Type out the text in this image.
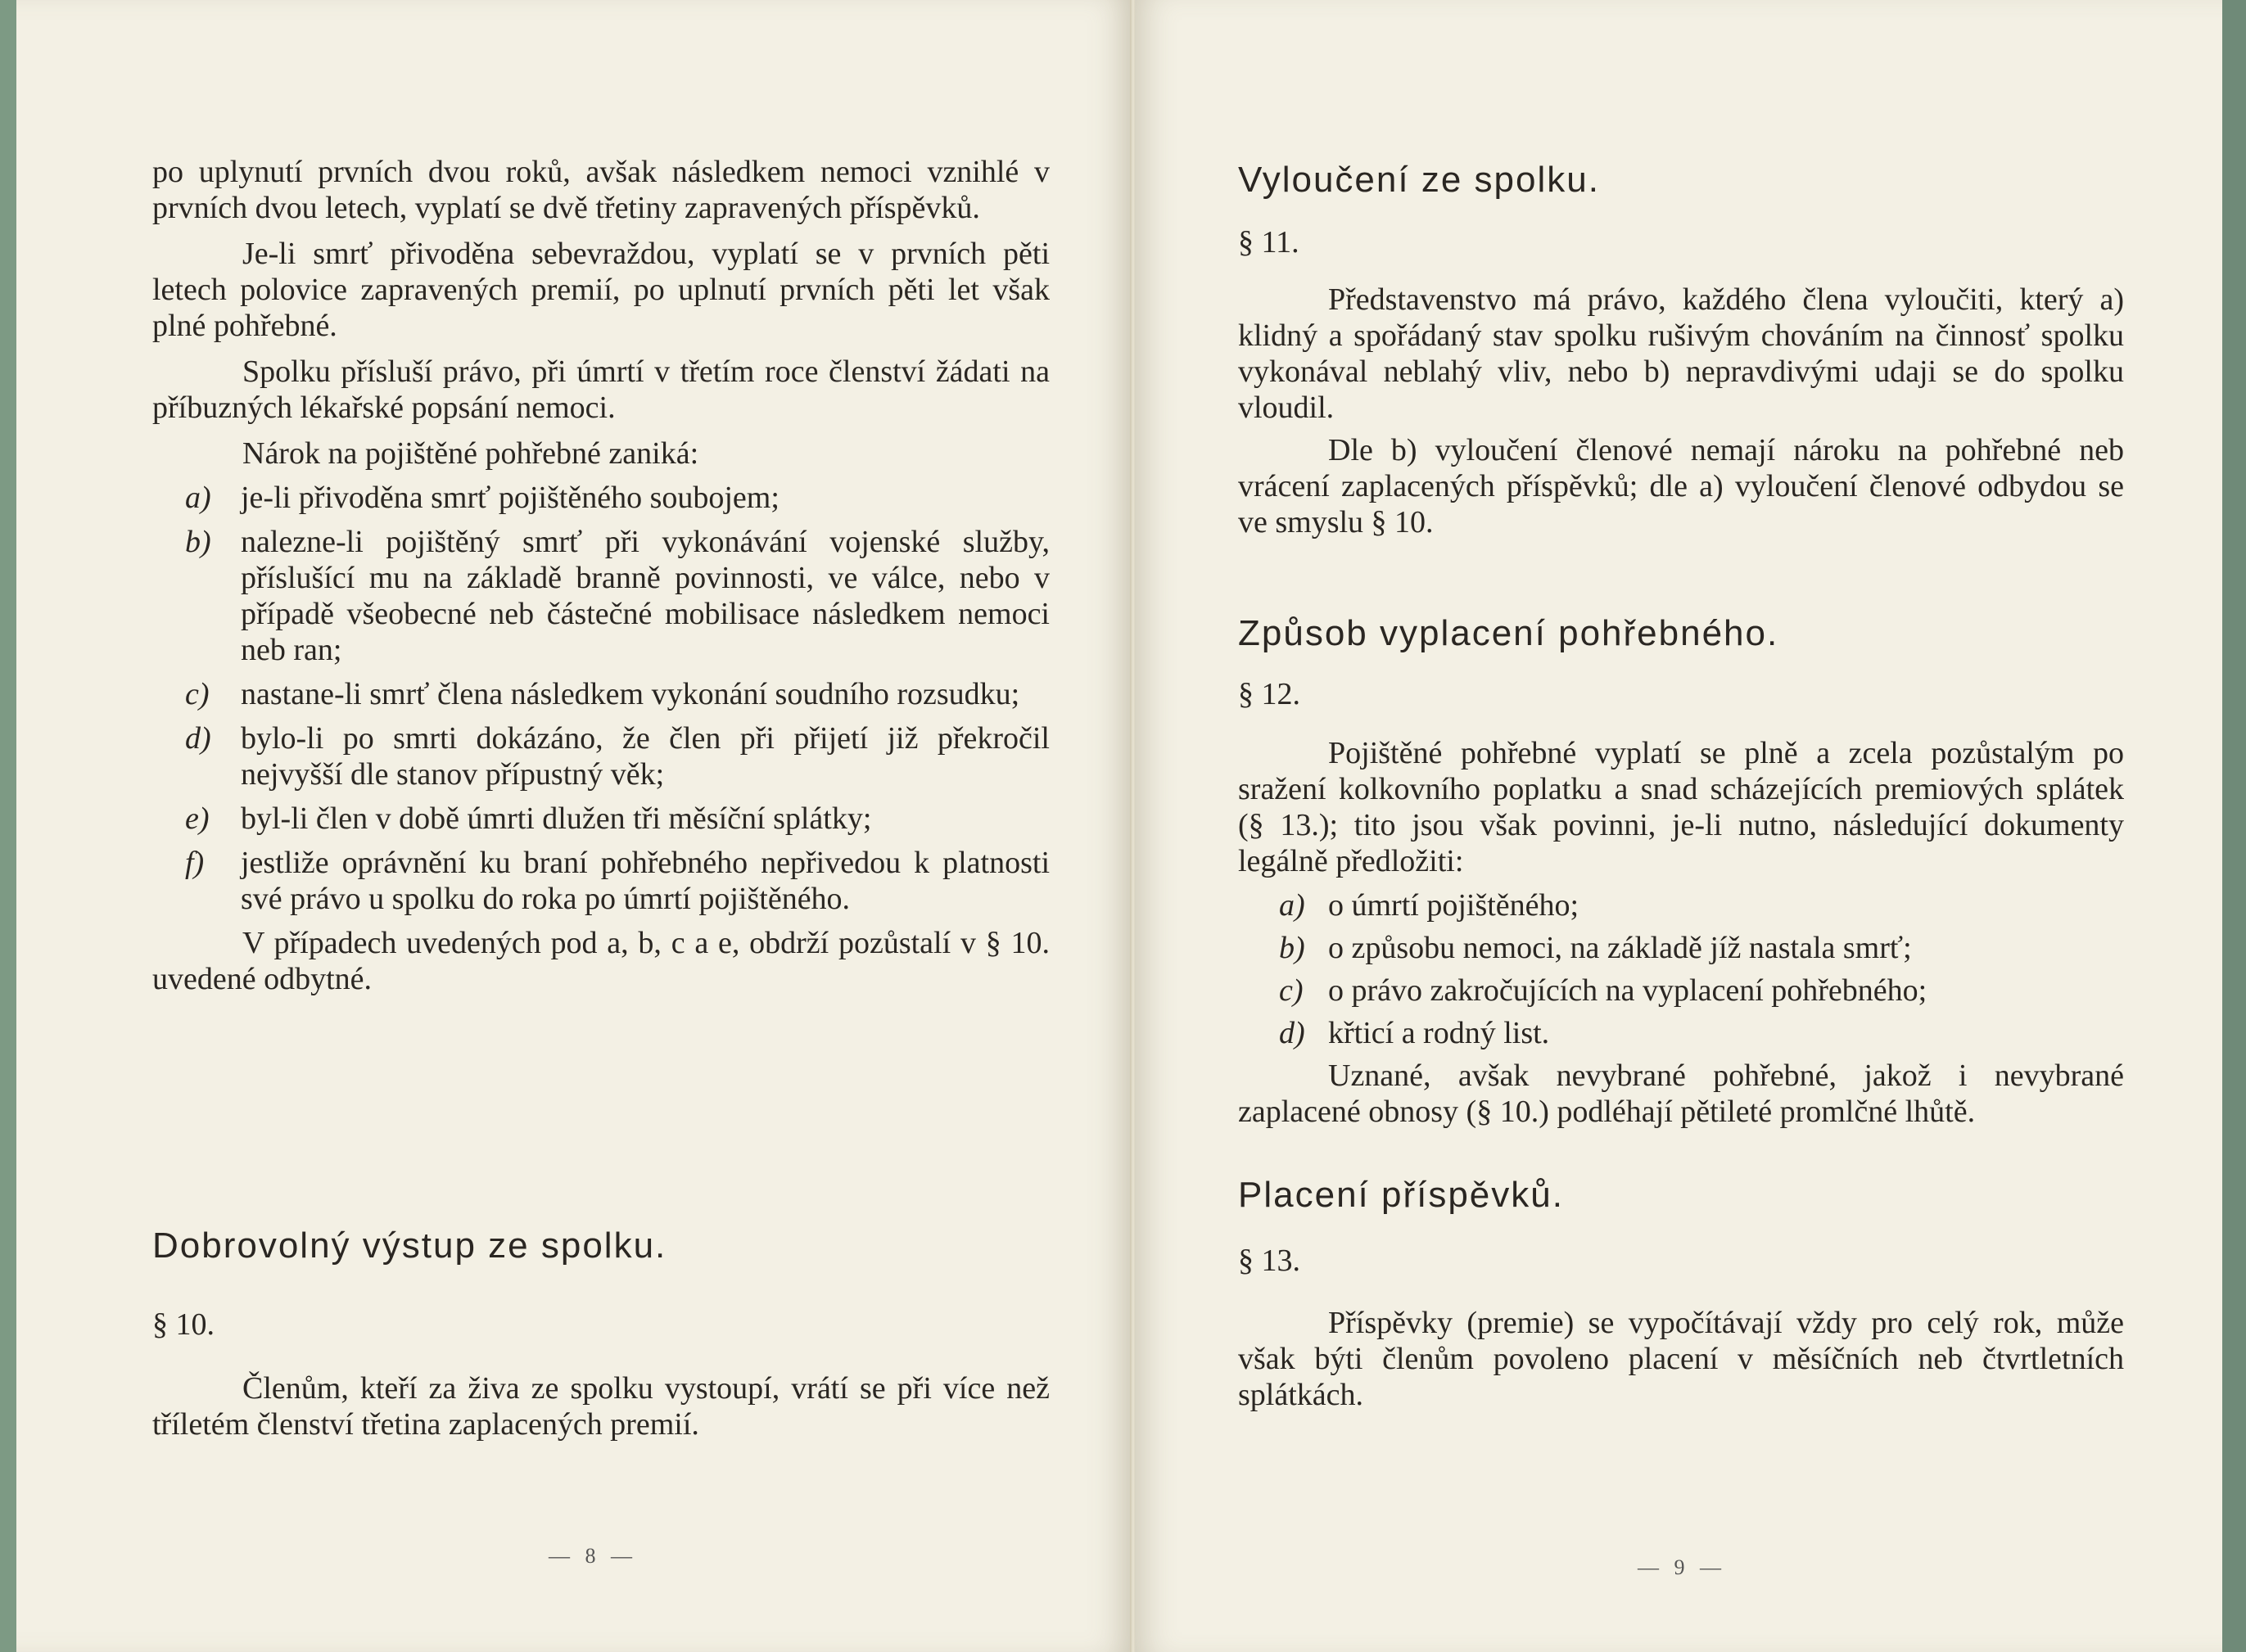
po uplynutí prvních dvou roků, avšak následkem nemoci vznihlé v prvních dvou letech, vyplatí se dvě třetiny zapravených příspěvků.

Je-li smrť přivoděna sebevraždou, vyplatí se v prvních pěti letech polovice zapravených premií, po uplnutí prvních pěti let však plné pohřebné.

Spolku přísluší právo, při úmrtí v třetím roce členství žádati na příbuzných lékařské popsání nemoci.

Nárok na pojištěné pohřebné zaniká:

a) je-li přivoděna smrť pojištěného soubojem;
b) nalezne-li pojištěný smrť při vykonávání vojenské služby, příslušící mu na základě branně povinnosti, ve válce, nebo v případě všeobecné neb částečné mobilisace následkem nemoci neb ran;
c) nastane-li smrť člena následkem vykonání soudního rozsudku;
d) bylo-li po smrti dokázáno, že člen při přijetí již překročil nejvyšší dle stanov přípustný věk;
e) byl-li člen v době úmrti dlužen tři měsíční splátky;
f) jestliže oprávnění ku braní pohřebného nepřivedou k platnosti své právo u spolku do roka po úmrtí pojištěného.

V případech uvedených pod a, b, c a e, obdrží pozůstalí v § 10. uvedené odbytné.

Dobrovolný výstup ze spolku.

§ 10.

Členům, kteří za živa ze spolku vystoupí, vrátí se při více než tříletém členství třetina zaplacených premií.

— 8 —

Vyloučení ze spolku.

§ 11.

Představenstvo má právo, každého člena vyloučiti, který a) klidný a spořádaný stav spolku rušivým chováním na činnosť spolku vykonával neblahý vliv, nebo b) nepravdivými udaji se do spolku vloudil.

Dle b) vyloučení členové nemají nároku na pohřebné neb vrácení zaplacených příspěvků; dle a) vyloučení členové odbydou se ve smyslu § 10.

Způsob vyplacení pohřebného.

§ 12.

Pojištěné pohřebné vyplatí se plně a zcela pozůstalým po sražení kolkovního poplatku a snad scházejících premiových splátek (§ 13.); tito jsou však povinni, je-li nutno, následující dokumenty legálně předložiti:

a) o úmrtí pojištěného;
b) o způsobu nemoci, na základě jíž nastala smrť;
c) o právo zakročujících na vyplacení pohřebného;
d) křticí a rodný list.

Uznané, avšak nevybrané pohřebné, jakož i nevybrané zaplacené obnosy (§ 10.) podléhají pětileté promlčné lhůtě.

Placení příspěvků.

§ 13.

Příspěvky (premie) se vypočítávají vždy pro celý rok, může však býti členům povoleno placení v měsíčních neb čtvrtletních splátkách.

— 9 —
